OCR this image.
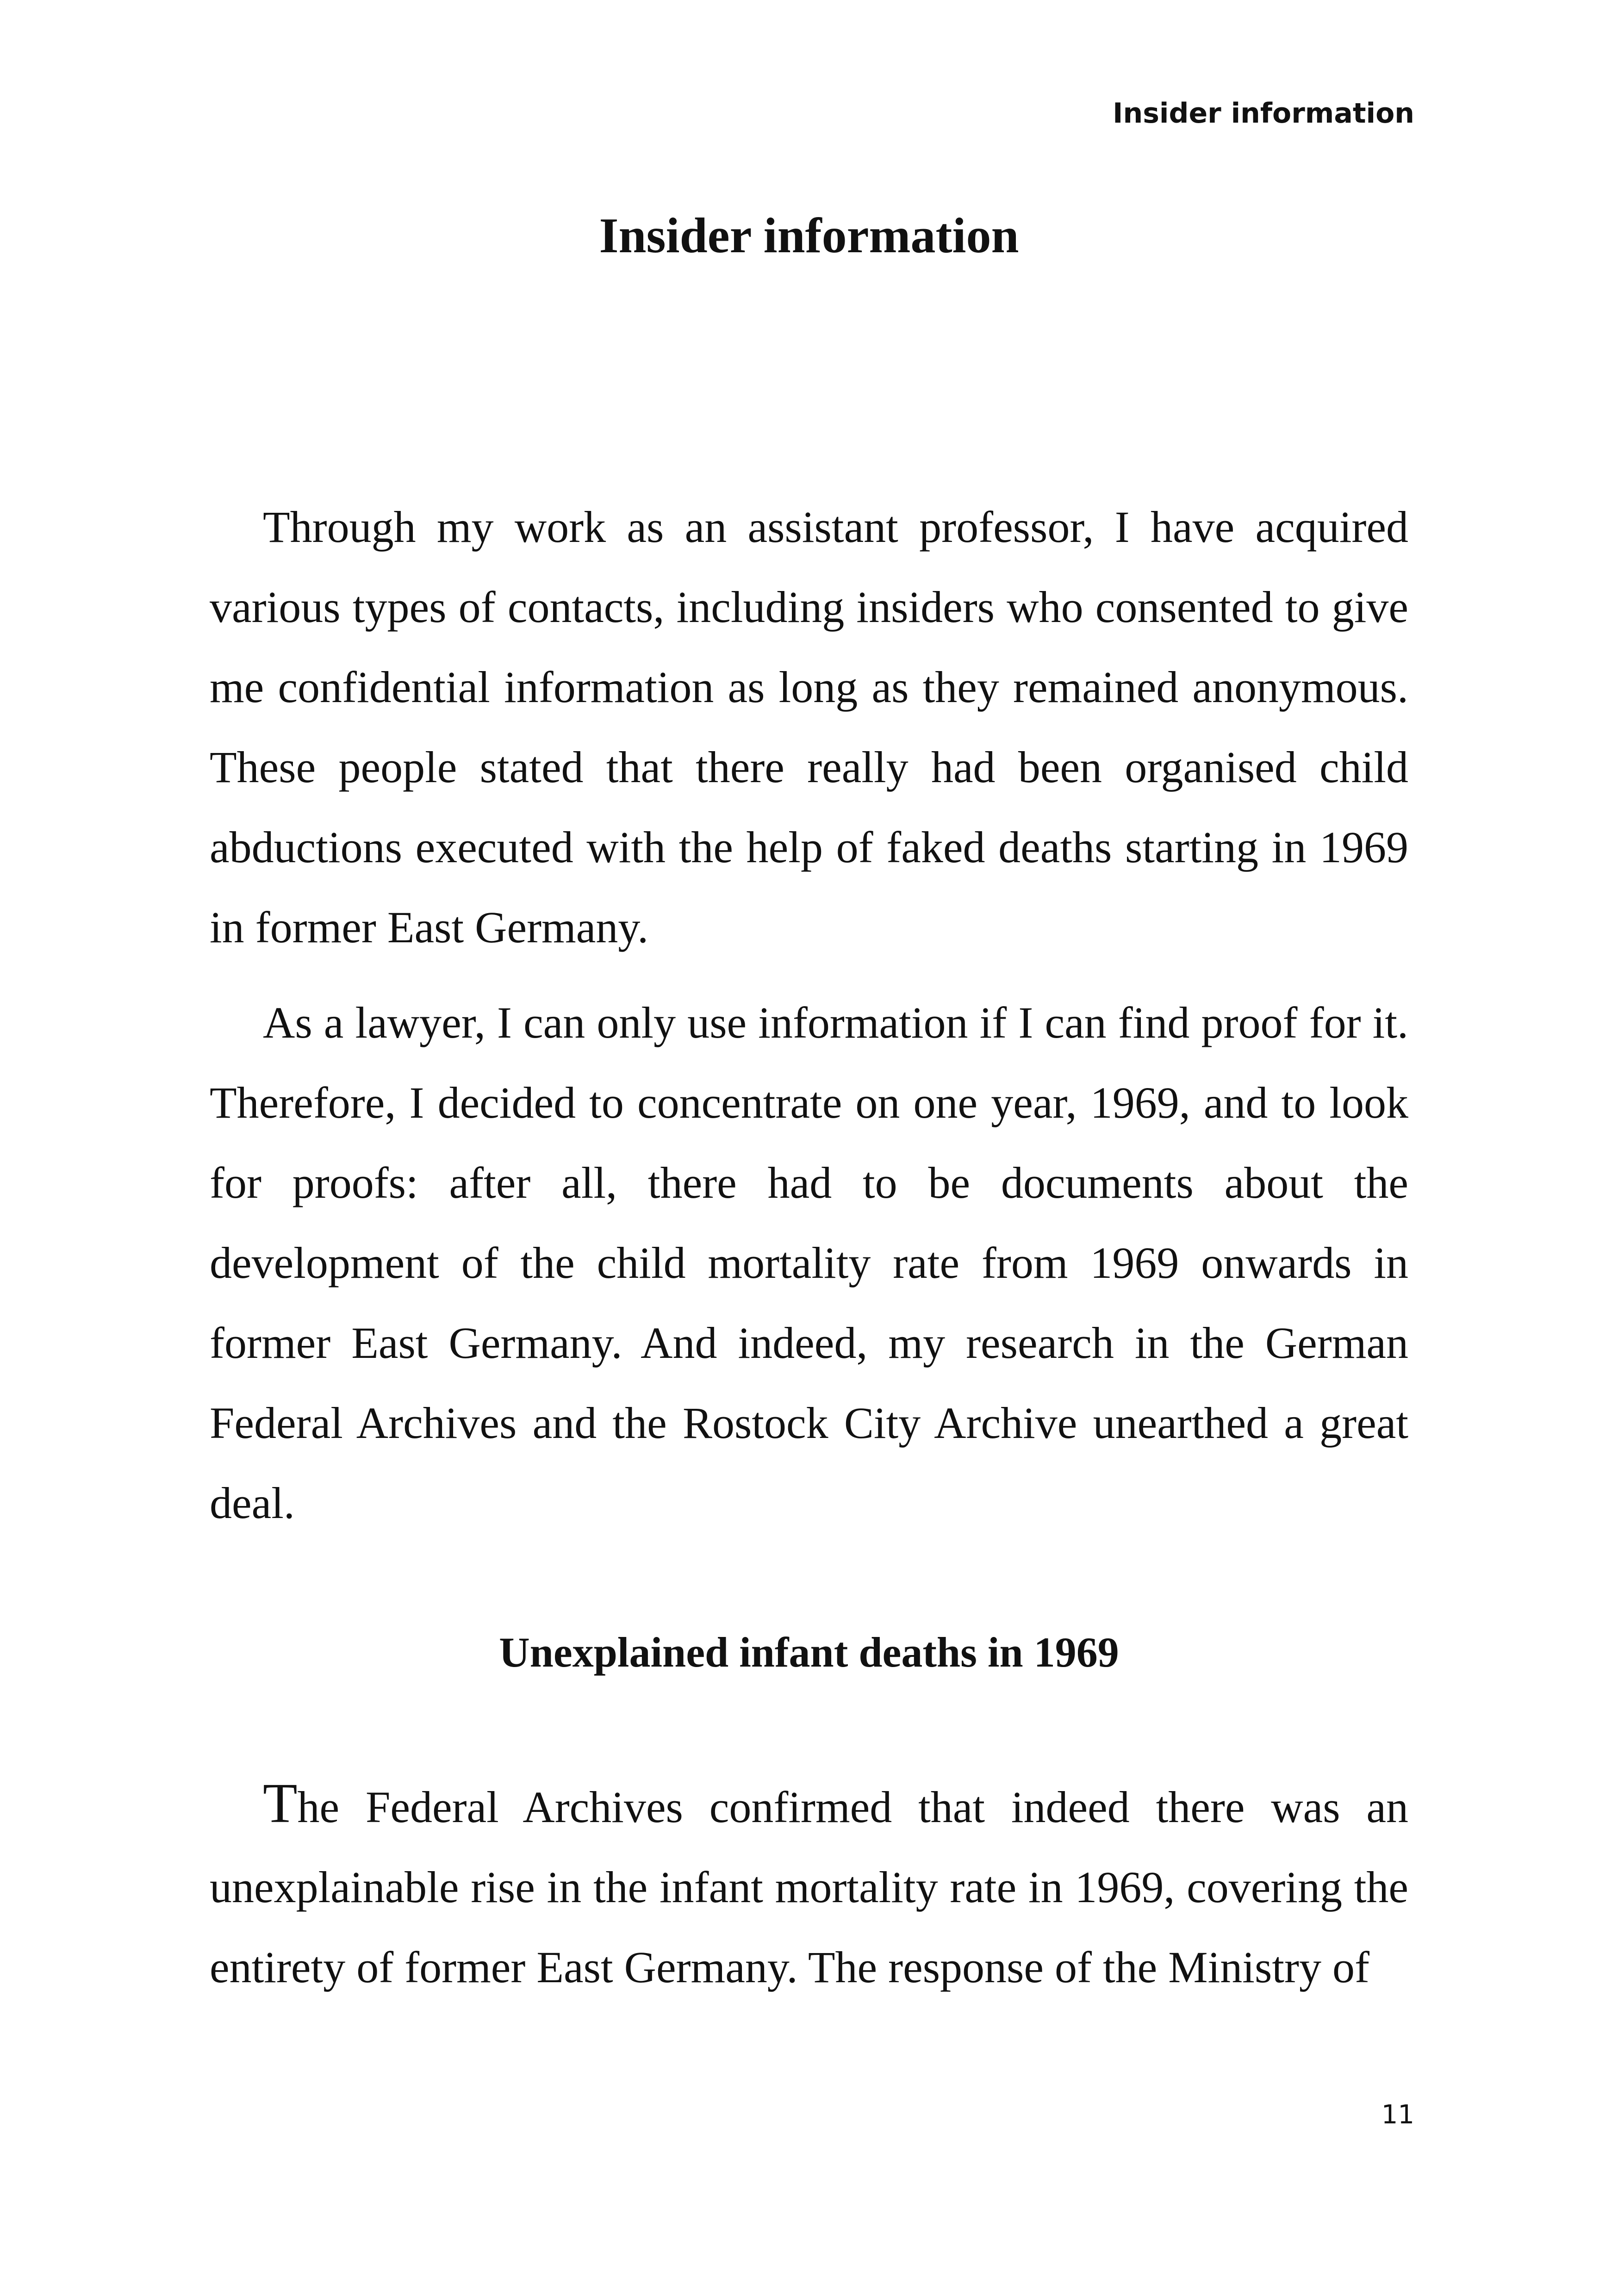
Insider information
Insider information

Through my work as an assistant professor, I have acquired various types of contacts, including insiders who consented to give me confidential information as long as they remained anonymous. These people stated that there really had been organised child abductions executed with the help of faked deaths starting in 1969 in former East Germany.

As a lawyer, I can only use information if I can find proof for it. Therefore, I decided to concentrate on one year, 1969, and to look for proofs: after all, there had to be documents about the development of the child mortality rate from 1969 onwards in former East Germany. And indeed, my research in the German Federal Archives and the Rostock City Archive unearthed a great deal.

Unexplained infant deaths in 1969

The Federal Archives confirmed that indeed there was an unexplainable rise in the infant mortality rate in 1969, covering the entirety of former East Germany. The response of the Ministry of

11
